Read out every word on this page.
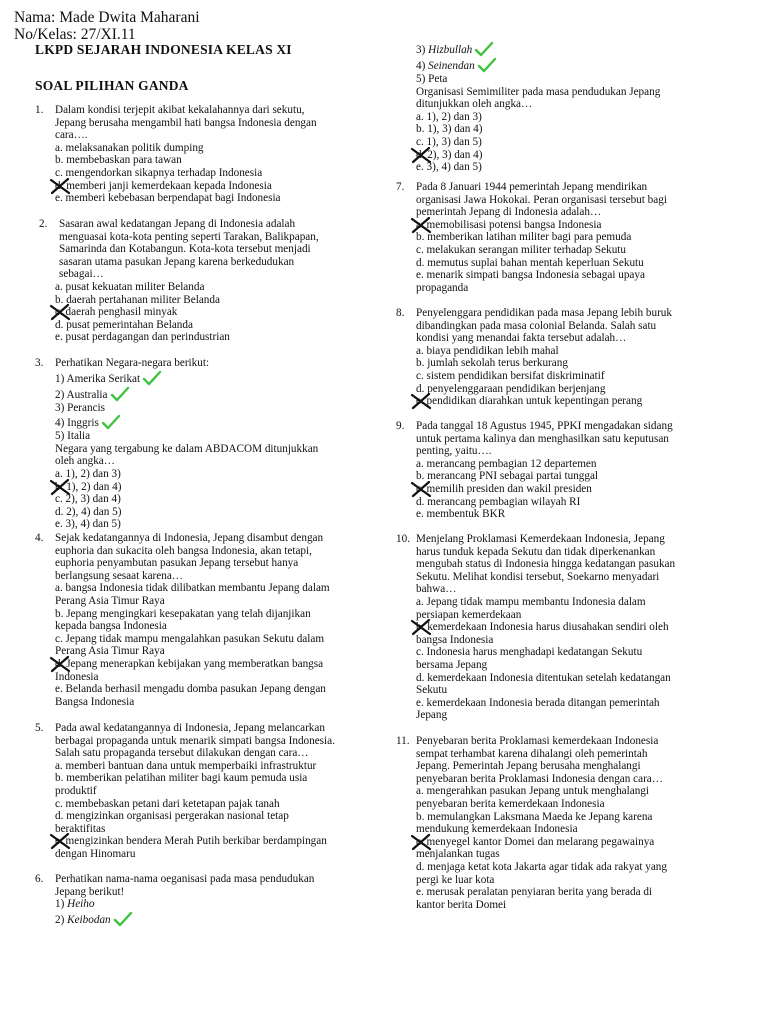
Nama: Made Dwita Maharani
No/Kelas: 27/XI.11
LKPD SEJARAH INDONESIA KELAS XI
SOAL PILIHAN GANDA
1. Dalam kondisi terjepit akibat kekalahannya dari sekutu,
Jepang berusaha mengambil hati bangsa Indonesia dengan
cara….
a. melaksanakan politik dumping
b. membebaskan para tawan
c. mengendorkan sikapnya terhadap Indonesia
d. memberi janji kemerdekaan kepada Indonesia
e. memberi kebebasan berpendapat bagi Indonesia
2. Sasaran awal kedatangan Jepang di Indonesia adalah
menguasai kota-kota penting seperti Tarakan, Balikpapan,
Samarinda dan Kotabangun. Kota-kota tersebut menjadi
sasaran utama pasukan Jepang karena berkedudukan
sebagai…
a. pusat kekuatan militer Belanda
b. daerah pertahanan militer Belanda
c. daerah penghasil minyak
d. pusat pemerintahan Belanda
e. pusat perdagangan dan perindustrian
3. Perhatikan Negara-negara berikut:
1) Amerika Serikat
2) Australia
3) Perancis
4) Inggris
5) Italia
Negara yang tergabung ke dalam ABDACOM ditunjukkan
oleh angka…
a. 1), 2) dan 3)
b. 1), 2) dan 4)
c. 2), 3) dan 4)
d. 2), 4) dan 5)
e. 3), 4) dan 5)
4. Sejak kedatangannya di Indonesia, Jepang disambut dengan
euphoria dan sukacita oleh bangsa Indonesia, akan tetapi,
euphoria penyambutan pasukan Jepang tersebut hanya
berlangsung sesaat karena…
a. bangsa Indonesia tidak dilibatkan membantu Jepang dalam
Perang Asia Timur Raya
b. Jepang mengingkari kesepakatan yang telah dijanjikan
kepada bangsa Indonesia
c. Jepang tidak mampu mengalahkan pasukan Sekutu dalam
Perang Asia Timur Raya
d. Jepang menerapkan kebijakan yang memberatkan bangsa
Indonesia
e. Belanda berhasil mengadu domba pasukan Jepang dengan
Bangsa Indonesia
5. Pada awal kedatangannya di Indonesia, Jepang melancarkan
berbagai propaganda untuk menarik simpati bangsa Indonesia.
Salah satu propaganda tersebut dilakukan dengan cara…
a. memberi bantuan dana untuk memperbaiki infrastruktur
b. memberikan pelatihan militer bagi kaum pemuda usia
produktif
c. membebaskan petani dari ketetapan pajak tanah
d. mengizinkan organisasi pergerakan nasional tetap
beraktifitas
e. mengizinkan bendera Merah Putih berkibar berdampingan
dengan Hinomaru
6. Perhatikan nama-nama oeganisasi pada masa pendudukan
Jepang berikut!
1) Heiho
2) Keibodan
3) Hizbullah
4) Seinendan
5) Peta
Organisasi Semimiliter pada masa pendudukan Jepang
ditunjukkan oleh angka…
a. 1), 2) dan 3)
b. 1), 3) dan 4)
c. 1), 3) dan 5)
d. 2), 3) dan 4)
e. 3), 4) dan 5)
7. Pada 8 Januari 1944 pemerintah Jepang mendirikan
organisasi Jawa Hokokai. Peran organisasi tersebut bagi
pemerintah Jepang di Indonesia adalah…
a. memobilisasi potensi bangsa Indonesia
b. memberikan latihan militer bagi para pemuda
c. melakukan serangan militer terhadap Sekutu
d. memutus suplai bahan mentah keperluan Sekutu
e. menarik simpati bangsa Indonesia sebagai upaya
propaganda
8. Penyelenggara pendidikan pada masa Jepang lebih buruk
dibandingkan pada masa colonial Belanda. Salah satu
kondisi yang menandai fakta tersebut adalah…
a. biaya pendidikan lebih mahal
b. jumlah sekolah terus berkurang
c. sistem pendidikan bersifat diskriminatif
d. penyelenggaraan pendidikan berjenjang
e. pendidikan diarahkan untuk kepentingan perang
9. Pada tanggal 18 Agustus 1945, PPKI mengadakan sidang
untuk pertama kalinya dan menghasilkan satu keputusan
penting, yaitu….
a. merancang pembagian 12 departemen
b. merancang PNI sebagai partai tunggal
c. memilih presiden dan wakil presiden
d. merancang pembagian wilayah RI
e. membentuk BKR
10. Menjelang Proklamasi Kemerdekaan Indonesia, Jepang
harus tunduk kepada Sekutu dan tidak diperkenankan
mengubah status di Indonesia hingga kedatangan pasukan
Sekutu. Melihat kondisi tersebut, Soekarno menyadari
bahwa…
a. Jepang tidak mampu membantu Indonesia dalam
persiapan kemerdekaan
b. kemerdekaan Indonesia harus diusahakan sendiri oleh
bangsa Indonesia
c. Indonesia harus menghadapi kedatangan Sekutu
bersama Jepang
d. kemerdekaan Indonesia ditentukan setelah kedatangan
Sekutu
e. kemerdekaan Indonesia berada ditangan pemerintah
Jepang
11. Penyebaran berita Proklamasi kemerdekaan Indonesia
sempat terhambat karena dihalangi oleh pemerintah
Jepang. Pemerintah Jepang berusaha menghalangi
penyebaran berita Proklamasi Indonesia dengan cara…
a. mengerahkan pasukan Jepang untuk menghalangi
penyebaran berita kemerdekaan Indonesia
b. memulangkan Laksmana Maeda ke Jepang karena
mendukung kemerdekaan Indonesia
c. menyegel kantor Domei dan melarang pegawainya
menjalankan tugas
d. menjaga ketat kota Jakarta agar tidak ada rakyat yang
pergi ke luar kota
e. merusak peralatan penyiaran berita yang berada di
kantor berita Domei
